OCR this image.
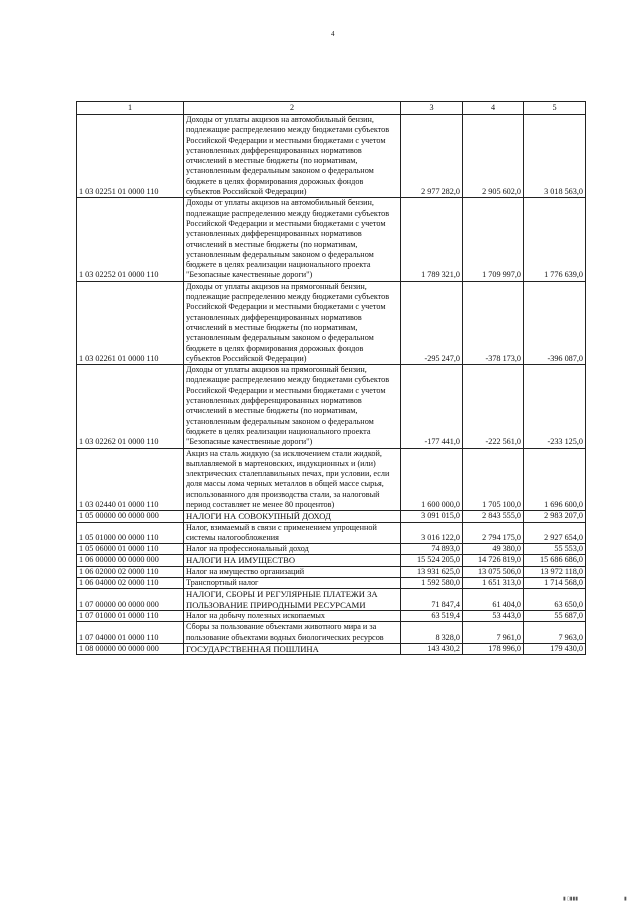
4
1	2	3	4	5
1 03 02251 01 0000 110	Доходы от уплаты акцизов на автомобильный бензин, подлежащие распределению между бюджетами субъектов Российской Федерации и местными бюджетами с учетом установленных дифференцированных нормативов отчислений в местные бюджеты (по нормативам, установленным федеральным законом о федеральном бюджете в целях формирования дорожных фондов субъектов Российской Федерации)	2 977 282,0	2 905 602,0	3 018 563,0
1 03 02252 01 0000 110	Доходы от уплаты акцизов на автомобильный бензин, подлежащие распределению между бюджетами субъектов Российской Федерации и местными бюджетами с учетом установленных дифференцированных нормативов отчислений в местные бюджеты (по нормативам, установленным федеральным законом о федеральном бюджете в целях реализации национального проекта "Безопасные качественные дороги")	1 789 321,0	1 709 997,0	1 776 639,0
1 03 02261 01 0000 110	Доходы от уплаты акцизов на прямогонный бензин, подлежащие распределению между бюджетами субъектов Российской Федерации и местными бюджетами с учетом установленных дифференцированных нормативов отчислений в местные бюджеты (по нормативам, установленным федеральным законом о федеральном бюджете в целях формирования дорожных фондов субъектов Российской Федерации)	-295 247,0	-378 173,0	-396 087,0
1 03 02262 01 0000 110	Доходы от уплаты акцизов на прямогонный бензин, подлежащие распределению между бюджетами субъектов Российской Федерации и местными бюджетами с учетом установленных дифференцированных нормативов отчислений в местные бюджеты (по нормативам, установленным федеральным законом о федеральном бюджете в целях реализации национального проекта "Безопасные качественные дороги")	-177 441,0	-222 561,0	-233 125,0
1 03 02440 01 0000 110	Акциз на сталь жидкую (за исключением стали жидкой, выплавляемой в мартеновских, индукционных и (или) электрических сталеплавильных печах, при условии, если доля массы лома черных металлов в общей массе сырья, использованного для производства стали, за налоговый период составляет не менее 80 процентов)	1 600 000,0	1 705 100,0	1 696 600,0
1 05 00000 00 0000 000	НАЛОГИ НА СОВОКУПНЫЙ ДОХОД	3 091 015,0	2 843 555,0	2 983 207,0
1 05 01000 00 0000 110	Налог, взимаемый в связи с применением упрощенной системы налогообложения	3 016 122,0	2 794 175,0	2 927 654,0
1 05 06000 01 0000 110	Налог на профессиональный доход	74 893,0	49 380,0	55 553,0
1 06 00000 00 0000 000	НАЛОГИ НА ИМУЩЕСТВО	15 524 205,0	14 726 819,0	15 686 686,0
1 06 02000 02 0000 110	Налог на имущество организаций	13 931 625,0	13 075 506,0	13 972 118,0
1 06 04000 02 0000 110	Транспортный налог	1 592 580,0	1 651 313,0	1 714 568,0
1 07 00000 00 0000 000	НАЛОГИ, СБОРЫ И РЕГУЛЯРНЫЕ ПЛАТЕЖИ ЗА ПОЛЬЗОВАНИЕ ПРИРОДНЫМИ РЕСУРСАМИ	71 847,4	61 404,0	63 650,0
1 07 01000 01 0000 110	Налог на добычу полезных ископаемых	63 519,4	53 443,0	55 687,0
1 07 04000 01 0000 110	Сборы за пользование объектами животного мира и за пользование объектами водных биологических ресурсов	8 328,0	7 961,0	7 963,0
1 08 00000 00 0000 000	ГОСУДАРСТВЕННАЯ ПОШЛИНА	143 430,2	178 996,0	179 430,0
▮ ▯▮▮▮	▮
